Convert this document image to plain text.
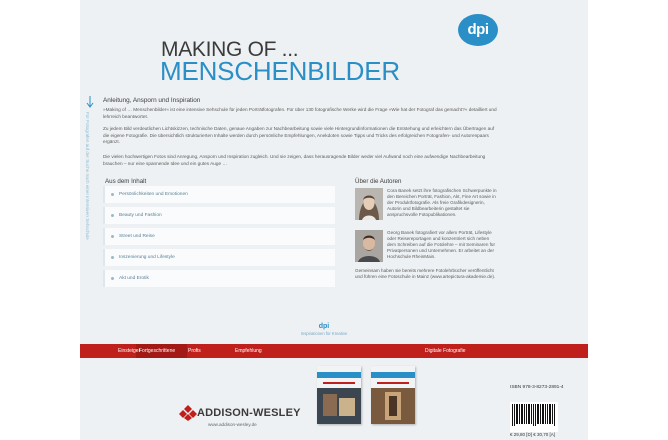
dpi
MAKING OF ...
MENSCHENBILDER
Für Fotografen auf der Suche nach einer intensiven Sehschule
Anleitung, Ansporn und Inspiration
»Making of … Menschenbilder« ist eine intensive Sehschule für jeden Porträtfotografen. Für über 130 fotografische Werke wird die Frage »Wie hat der Fotograf das gemacht?« detailliert und lehrreich beantwortet.
Zu jedem Bild verdeutlichen Lichtskizzen, technische Daten, genaue Angaben zur Nachbearbeitung sowie viele Hintergrundinformationen die Entstehung und erleichtern das Übertragen auf die eigene Fotografie. Die übersichtlich strukturierten Inhalte werden durch persönliche Empfehlungen, Anekdoten sowie Tipps und Tricks des erfolgreichen Fotografen- und Autorenpaars ergänzt.
Die vielen hochwertigen Fotos sind Anregung, Ansporn und Inspiration zugleich. Und sie zeigen, dass herausragende Bilder weder viel Aufwand noch eine aufwendige Nachbearbeitung brauchen – nur eine spannende Idee und ein gutes Auge …
Aus dem Inhalt	Über die Autoren
Persönlichkeiten und Emotionen
Beauty und Fashion
Street und Reise
Inszenierung und Lifestyle
Akt und Erotik
Cora Banek setzt ihre fotografischen Schwerpunkte in den Bereichen Porträt, Fashion, Akt, Fine Art sowie in der Produktfotografie. Als freie Grafikdesignerin, Autorin und Bildbearbeiterin gestaltet sie anspruchsvolle Fotopublikationen.
Georg Banek fotografiert vor allem Porträt, Lifestyle oder Reisereportagen und konzentriert sich neben dem Schreiben auf die Fotolehre – mit Seminaren für Privatpersonen und Unternehmen. Er arbeitet an der Hochschule RheinMain.
Gemeinsam haben sie bereits mehrere Fotolehrbücher veröffentlicht und führen eine Fotoschule in Mainz (www.artepictura-akademie.de).
dpi
Inspirationen für Kreative
Einsteiger
Fortgeschrittene	Profis	Empfehlung	Digitale Fotografie
ADDISON-WESLEY
www.addison-wesley.de
ISBN 978-3-8273-2891-4
€ 29,80 [D] € 30,70 [A]
